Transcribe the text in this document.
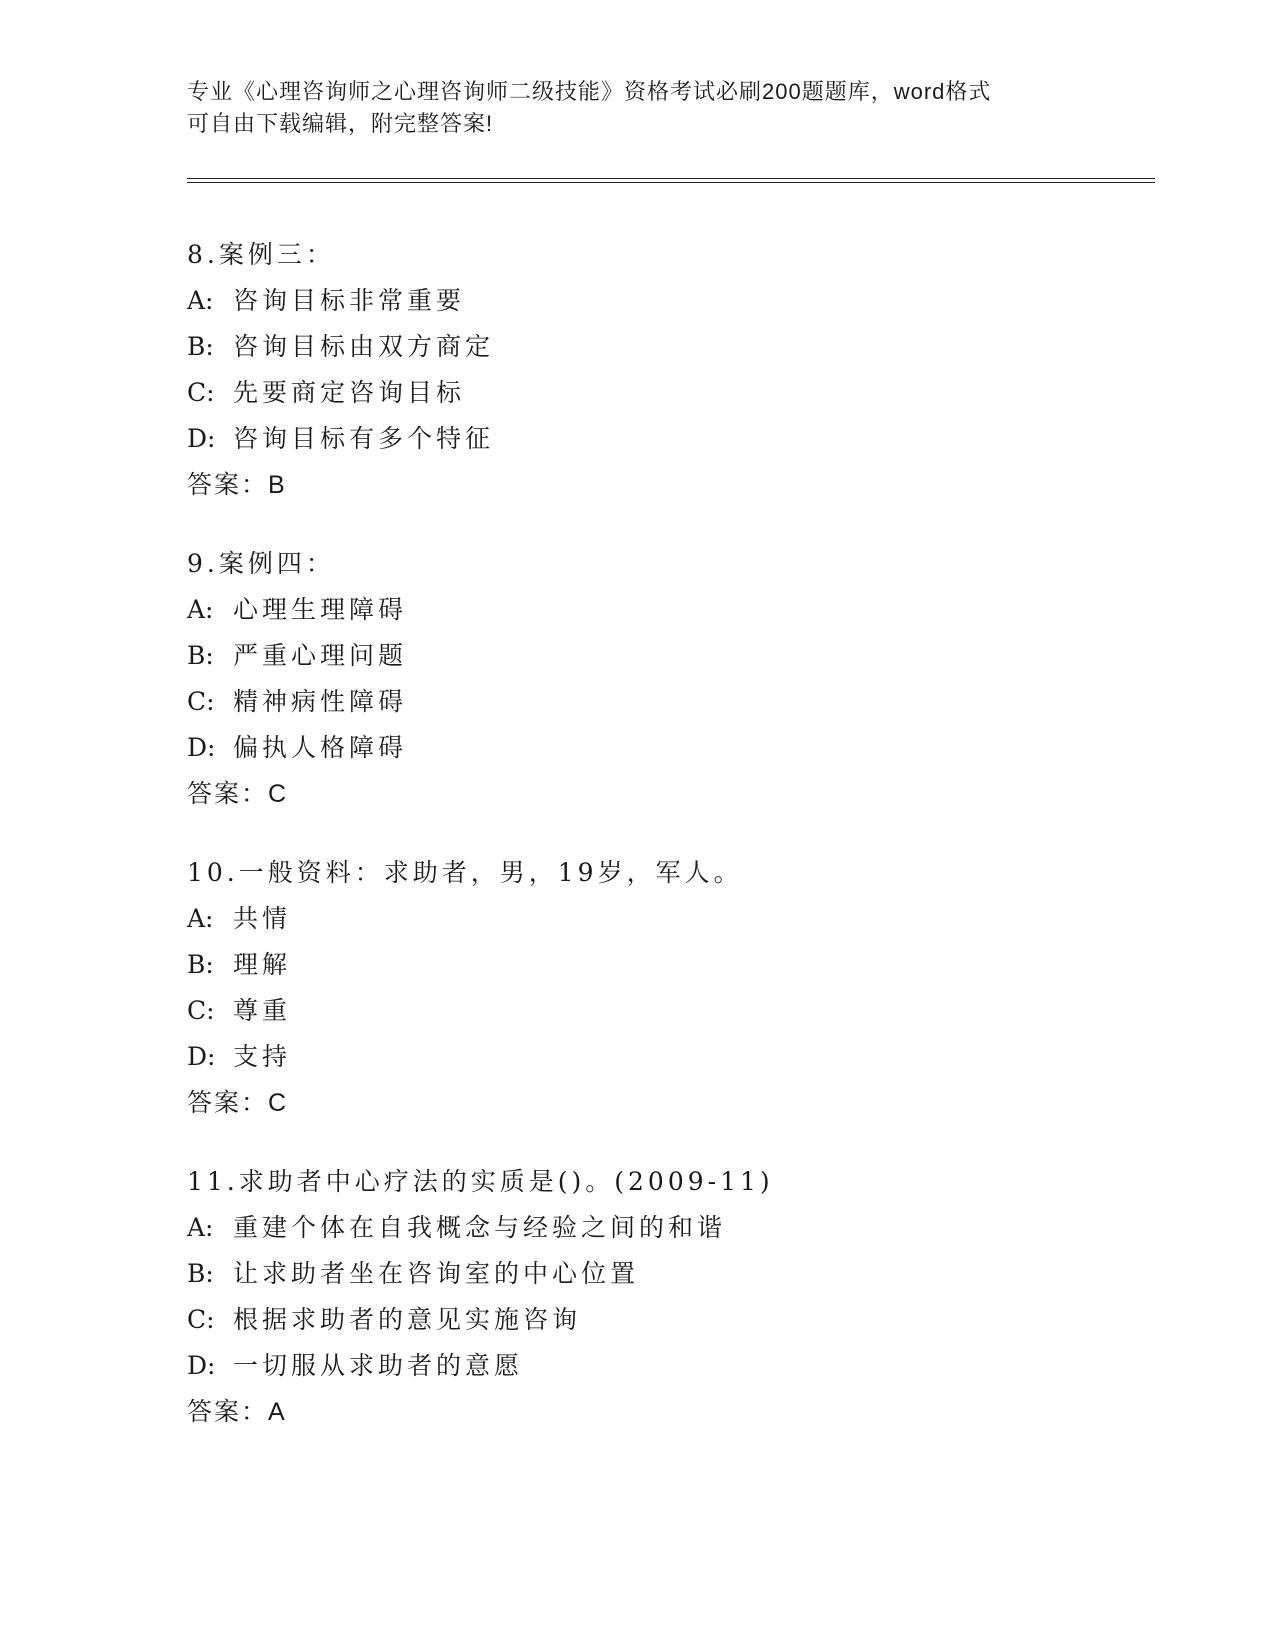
专业《心理咨询师之心理咨询师二级技能》资格考试必刷200题题库，word格式
可自由下载编辑，附完整答案!
8.案例三：
A: 咨询目标非常重要
B: 咨询目标由双方商定
C: 先要商定咨询目标
D: 咨询目标有多个特征
答案：B
9.案例四：
A: 心理生理障碍
B: 严重心理问题
C: 精神病性障碍
D: 偏执人格障碍
答案：C
10.一般资料：求助者，男，19岁，军人。
A: 共情
B: 理解
C: 尊重
D: 支持
答案：C
11.求助者中心疗法的实质是()。(2009-11)
A: 重建个体在自我概念与经验之间的和谐
B: 让求助者坐在咨询室的中心位置
C: 根据求助者的意见实施咨询
D: 一切服从求助者的意愿
答案：A
